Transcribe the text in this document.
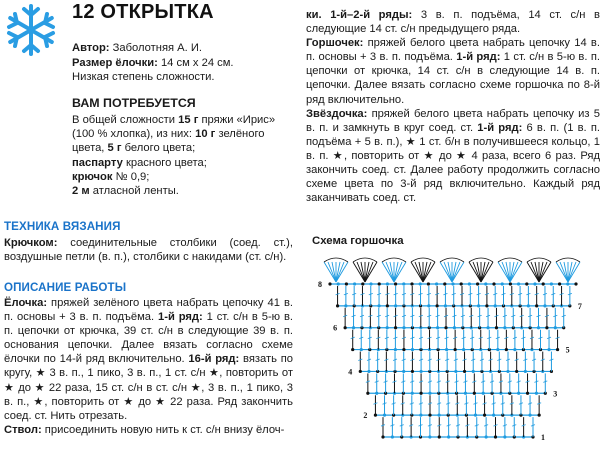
12 ОТКРЫТКА

Автор: Заболотняя А. И.

Размер ёлочки: 14 см х 24 см.

Низкая степень сложности.

ВАМ ПОТРЕБУЕТСЯ

В общей сложности 15 г пряжи «Ирис» (100 % хлопка), из них: 10 г зелёного цвета, 5 г белого цвета;

паспарту красного цвета;

крючок № 0,9;

2 м атласной ленты.

ТЕХНИКА ВЯЗАНИЯ

Крючком: соединительные столбики (соед. ст.), воздушные петли (в. п.), столбики с накидами (ст. с/н).

ОПИСАНИЕ РАБОТЫ

Ёлочка: пряжей зелёного цвета набрать цепочку 41 в. п. основы + 3 в. п. подъёма. 1-й ряд: 1 ст. с/н в 5-ю в. п. цепочки от крючка, 39 ст. с/н в следующие 39 в. п. основания цепочки. Далее вязать согласно схеме ёлочки по 14-й ряд включительно. 16-й ряд: вязать по кругу, ★ 3 в. п., 1 пико, 3 в. п., 1 ст. с/н ★, повторить от ★ до ★ 22 раза, 15 ст. с/н в ст. с/н ★, 3 в. п., 1 пико, 3 в. п., ★, повторить от ★ до ★ 22 раза. Ряд закончить соед. ст. Нить отрезать.

Ствол: присоединить новую нить к ст. с/н внизу ёлоч-

ки. 1-й–2-й ряды: 3 в. п. подъёма, 14 ст. с/н в следующие 14 ст. с/н предыдущего ряда.

Горшочек: пряжей белого цвета набрать цепочку 14 в. п. основы + 3 в. п. подъёма. 1-й ряд: 1 ст. с/н в 5-ю в. п. цепочки от крючка, 14 ст. с/н в следующие 14 в. п. цепочки. Далее вязать согласно схеме горшочка по 8-й ряд включительно.

Звёздочка: пряжей белого цвета набрать цепочку из 5 в. п. и замкнуть в круг соед. ст. 1-й ряд: 6 в. п. (1 в. п. подъёма + 5 в. п.), ★ 1 ст. б/н в получившееся кольцо, 1 в. п. ★, повторить от ★ до ★ 4 раза, всего 6 раз. Ряд закончить соед. ст. Далее работу продолжить согласно схеме цвета по 3-й ряд включительно. Каждый ряд заканчивать соед. ст.

Схема горшочка
1
2
3
4
5
6
7
8
